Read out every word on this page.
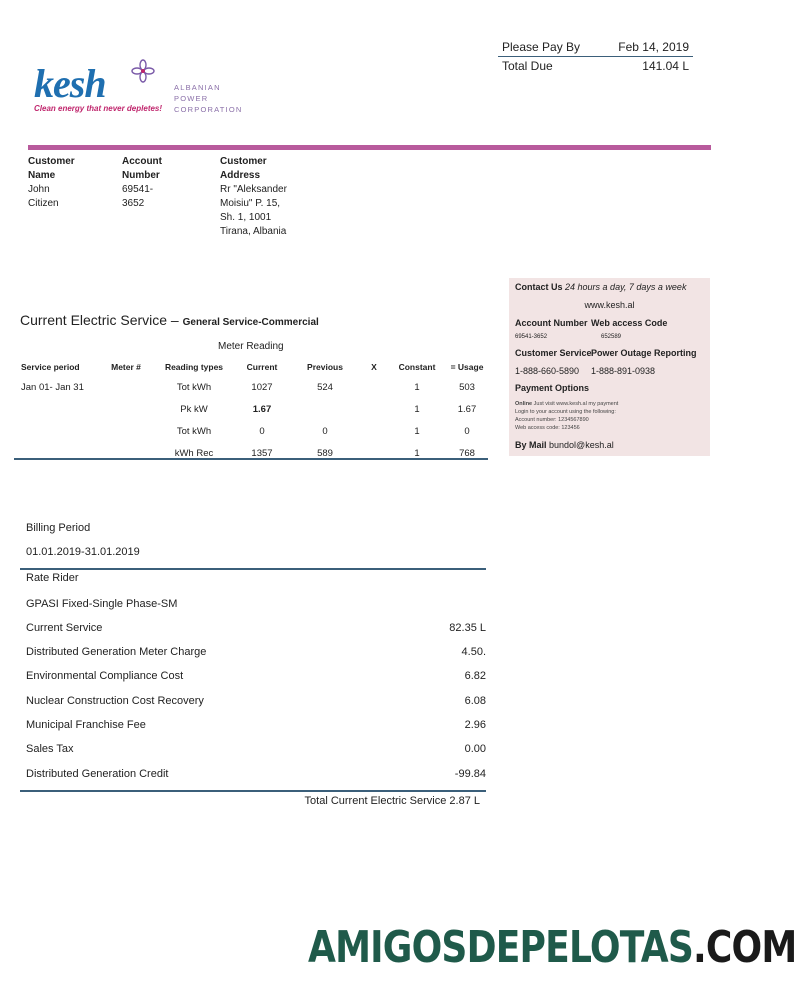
Please Pay By	Feb 14, 2019
Total Due	141.04 L
kesh
Clean energy that never depletes!
ALBANIAN
POWER
CORPORATION
Customer
Name
John Citizen
Account
Number
69541-3652
Customer
Address
Rr "Aleksander
Moisiu" P. 15,
Sh. 1, 1001
Tirana, Albania
Current Electric Service – General Service-Commercial
Meter Reading
Service period	Meter #	Reading types	Current	Previous	X	Constant	= Usage
Jan 01- Jan 31		Tot kWh	1027	524		1	503
		Pk kW	1.67			1	1.67
		Tot kWh	0	0		1	0
		kWh Rec	1357	589		1	768
Contact Us 24 hours a day, 7 days a week
www.kesh.al
Account Number Web access Code
69541-3652	652589
Customer Service Power Outage Reporting
1-888-660-5890 1-888-891-0938
Payment Options
Online Just visit www.kesh.al my payment
Login to your account using the following:
Account number: 1234567890
Web access code: 123456
By Mail bundol@kesh.al
Billing Period
01.01.2019-31.01.2019
Rate Rider
GPASI Fixed-Single Phase-SM
Current Service	82.35 L
Distributed Generation Meter Charge	4.50.
Environmental Compliance Cost	6.82
Nuclear Construction Cost Recovery	6.08
Municipal Franchise Fee	2.96
Sales Tax	0.00
Distributed Generation Credit	-99.84
Total Current Electric Service 2.87 L
AMIGOSDEPELOTAS.COM
